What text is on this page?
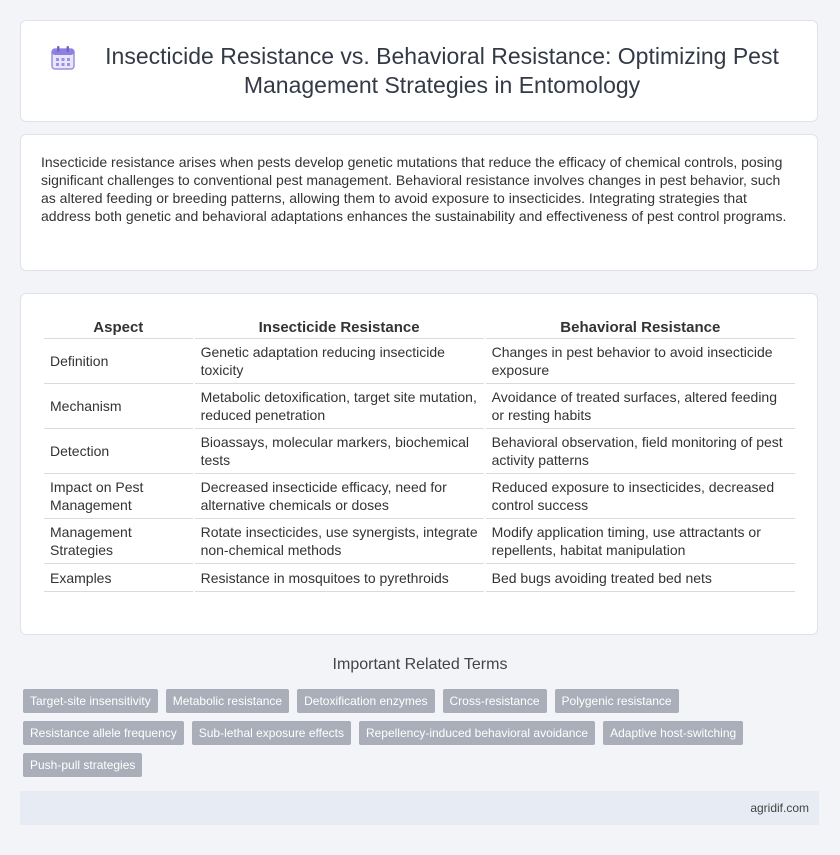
Insecticide Resistance vs. Behavioral Resistance: Optimizing Pest Management Strategies in Entomology

Insecticide resistance arises when pests develop genetic mutations that reduce the efficacy of chemical controls, posing significant challenges to conventional pest management. Behavioral resistance involves changes in pest behavior, such as altered feeding or breeding patterns, allowing them to avoid exposure to insecticides. Integrating strategies that address both genetic and behavioral adaptations enhances the sustainability and effectiveness of pest control programs.

Aspect	Insecticide Resistance	Behavioral Resistance
Definition	Genetic adaptation reducing insecticide toxicity	Changes in pest behavior to avoid insecticide exposure
Mechanism	Metabolic detoxification, target site mutation, reduced penetration	Avoidance of treated surfaces, altered feeding or resting habits
Detection	Bioassays, molecular markers, biochemical tests	Behavioral observation, field monitoring of pest activity patterns
Impact on Pest Management	Decreased insecticide efficacy, need for alternative chemicals or doses	Reduced exposure to insecticides, decreased control success
Management Strategies	Rotate insecticides, use synergists, integrate non-chemical methods	Modify application timing, use attractants or repellents, habitat manipulation
Examples	Resistance in mosquitoes to pyrethroids	Bed bugs avoiding treated bed nets
Important Related Terms
Target-site insensitivity	Metabolic resistance	Detoxification enzymes	Cross-resistance	Polygenic resistance
Resistance allele frequency	Sub-lethal exposure effects	Repellency-induced behavioral avoidance	Adaptive host-switching
Push-pull strategies
agridif.com
